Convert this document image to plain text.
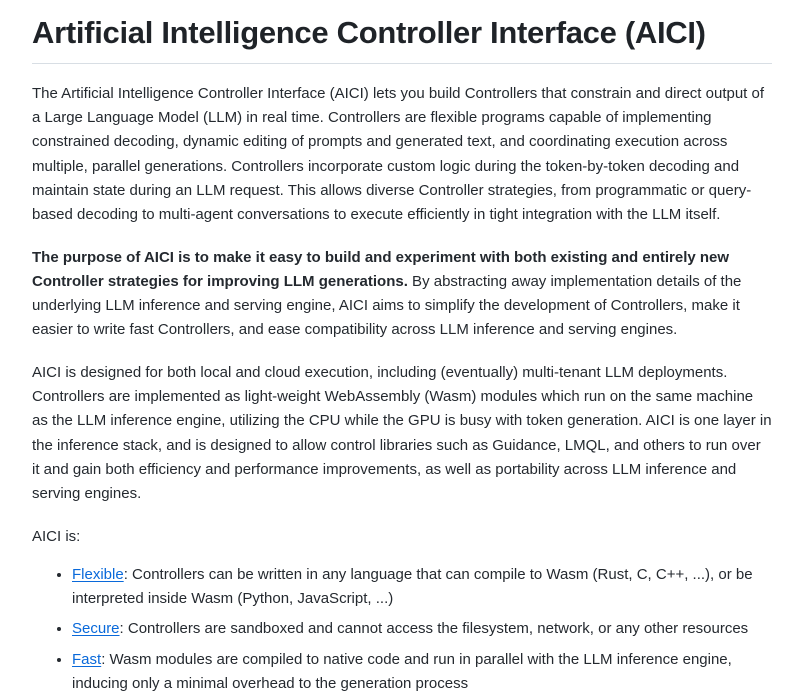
Artificial Intelligence Controller Interface (AICI)

The Artificial Intelligence Controller Interface (AICI) lets you build Controllers that constrain and direct output of a Large Language Model (LLM) in real time. Controllers are flexible programs capable of implementing constrained decoding, dynamic editing of prompts and generated text, and coordinating execution across multiple, parallel generations. Controllers incorporate custom logic during the token-by-token decoding and maintain state during an LLM request. This allows diverse Controller strategies, from programmatic or query-based decoding to multi-agent conversations to execute efficiently in tight integration with the LLM itself.

The purpose of AICI is to make it easy to build and experiment with both existing and entirely new Controller strategies for improving LLM generations. By abstracting away implementation details of the underlying LLM inference and serving engine, AICI aims to simplify the development of Controllers, make it easier to write fast Controllers, and ease compatibility across LLM inference and serving engines.

AICI is designed for both local and cloud execution, including (eventually) multi-tenant LLM deployments. Controllers are implemented as light-weight WebAssembly (Wasm) modules which run on the same machine as the LLM inference engine, utilizing the CPU while the GPU is busy with token generation. AICI is one layer in the inference stack, and is designed to allow control libraries such as Guidance, LMQL, and others to run over it and gain both efficiency and performance improvements, as well as portability across LLM inference and serving engines.

AICI is:

• Flexible: Controllers can be written in any language that can compile to Wasm (Rust, C, C++, ...), or be interpreted inside Wasm (Python, JavaScript, ...)
• Secure: Controllers are sandboxed and cannot access the filesystem, network, or any other resources
• Fast: Wasm modules are compiled to native code and run in parallel with the LLM inference engine, inducing only a minimal overhead to the generation process
